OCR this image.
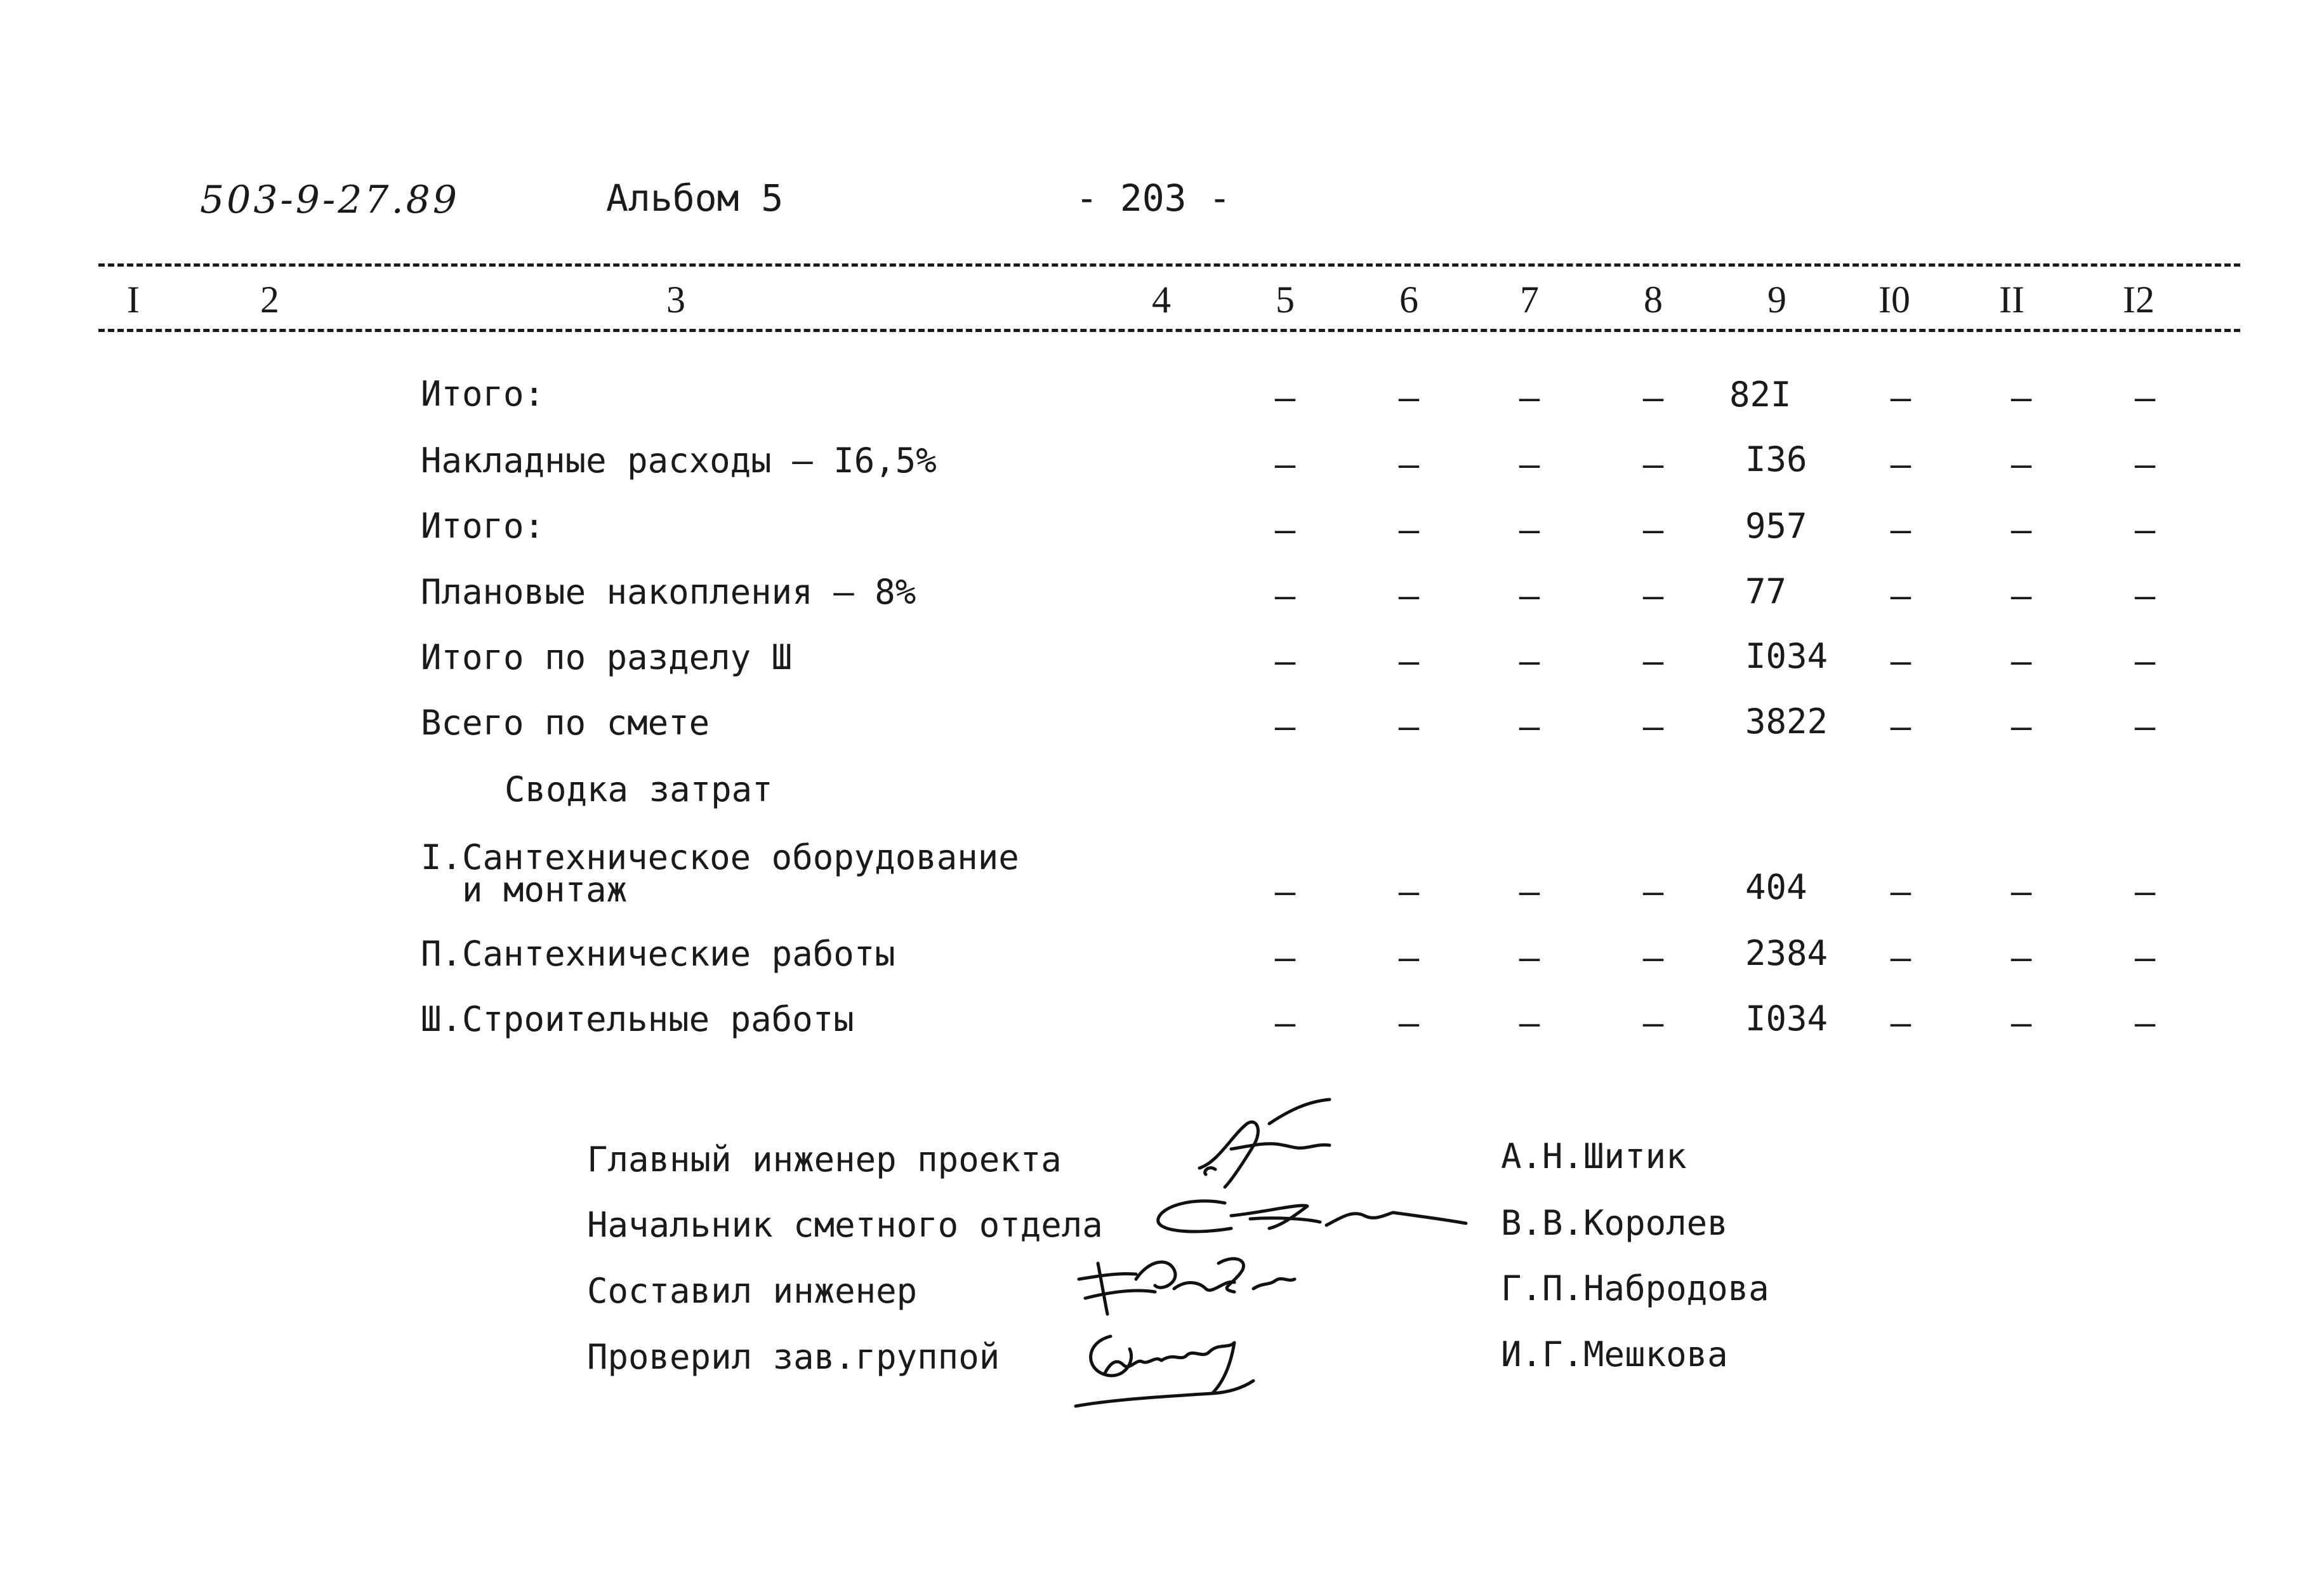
503-9-27.89	Альбом 5	- 203 -
I	2	3	4	5	6	7	8	9	I0	II	I2
Итого:	–	–	–	–	82I	–	–	–
Накладные расходы – I6,5%	–	–	–	–	I36	–	–	–
Итого:	–	–	–	–	957	–	–	–
Плановые накопления – 8%	–	–	–	–	77	–	–	–
Итого по разделу Ш	–	–	–	–	I034	–	–	–
Всего по смете	–	–	–	–	3822	–	–	–
Сводка затрат
I.Сантехническое оборудование
и монтаж	–	–	–	–	404	–	–	–
П.Сантехнические работы	–	–	–	–	2384	–	–	–
Ш.Строительные работы	–	–	–	–	I034	–	–	–
Главный инженер проекта	А.Н.Шитик
Начальник сметного отдела	В.В.Королев
Составил инженер	Г.П.Набродова
Проверил зав.группой	И.Г.Мешкова
